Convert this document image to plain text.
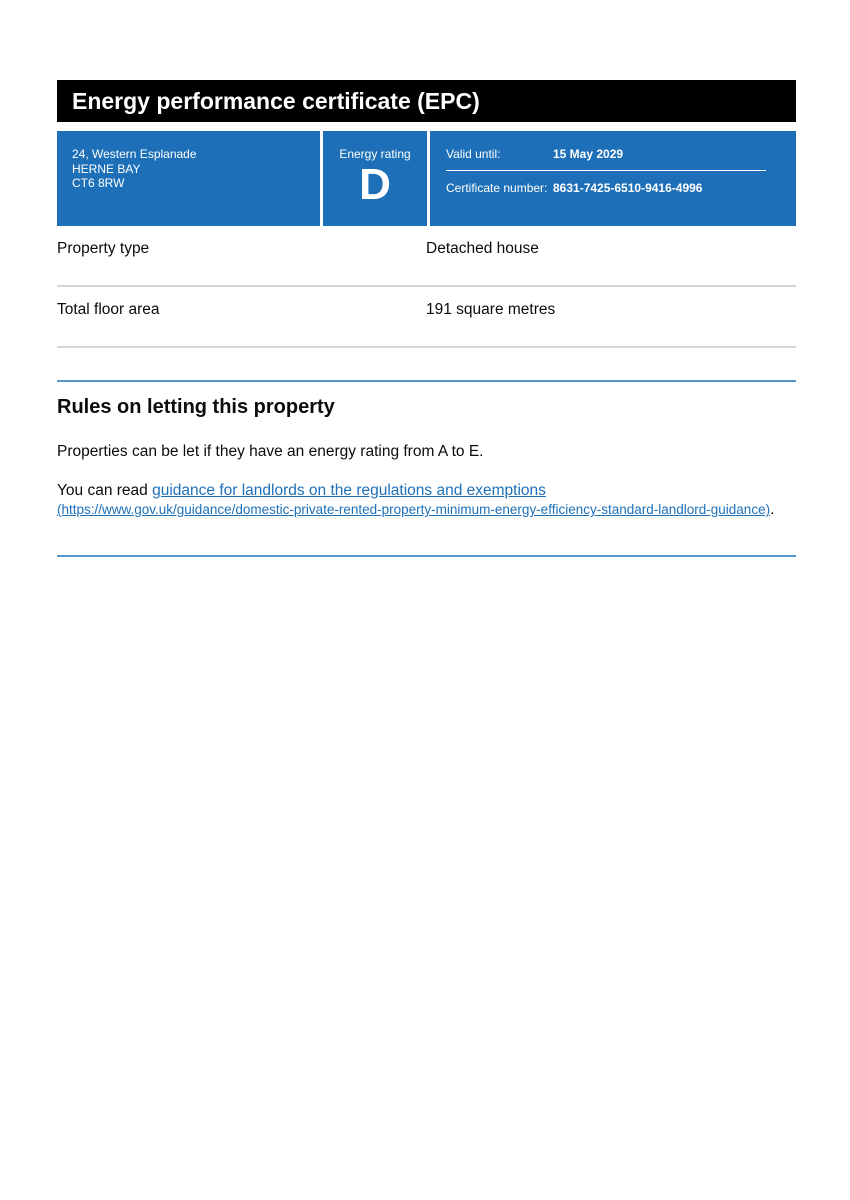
Energy performance certificate (EPC)
24, Western Esplanade
HERNE BAY
CT6 8RW
Energy rating
D
Valid until:	15 May 2029
Certificate number: 8631-7425-6510-9416-4996
Property type	Detached house
Total floor area	191 square metres
Rules on letting this property

Properties can be let if they have an energy rating from A to E.

You can read guidance for landlords on the regulations and exemptions
(https://www.gov.uk/guidance/domestic-private-rented-property-minimum-energy-efficiency-standard-landlord-guidance).
